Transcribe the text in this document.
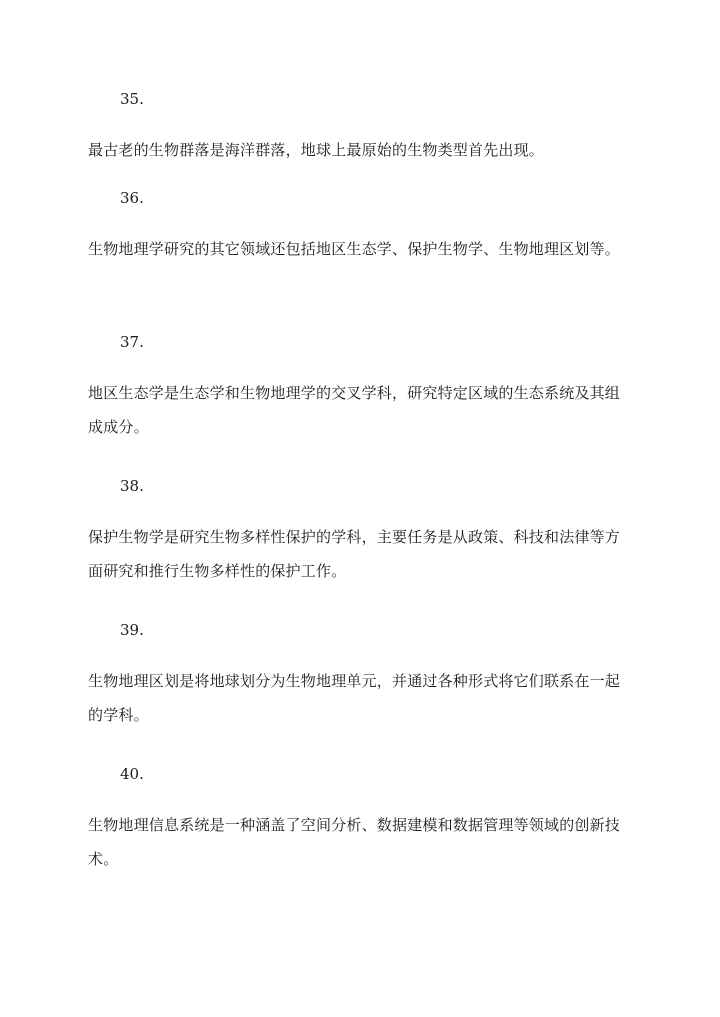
35.
最古老的生物群落是海洋群落，地球上最原始的生物类型首先出现。
36.
生物地理学研究的其它领域还包括地区生态学、保护生物学、生物地理区划等。
37.
地区生态学是生态学和生物地理学的交叉学科，研究特定区域的生态系统及其组成成分。
38.
保护生物学是研究生物多样性保护的学科，主要任务是从政策、科技和法律等方面研究和推行生物多样性的保护工作。
39.
生物地理区划是将地球划分为生物地理单元，并通过各种形式将它们联系在一起的学科。
40.
生物地理信息系统是一种涵盖了空间分析、数据建模和数据管理等领域的创新技术。
